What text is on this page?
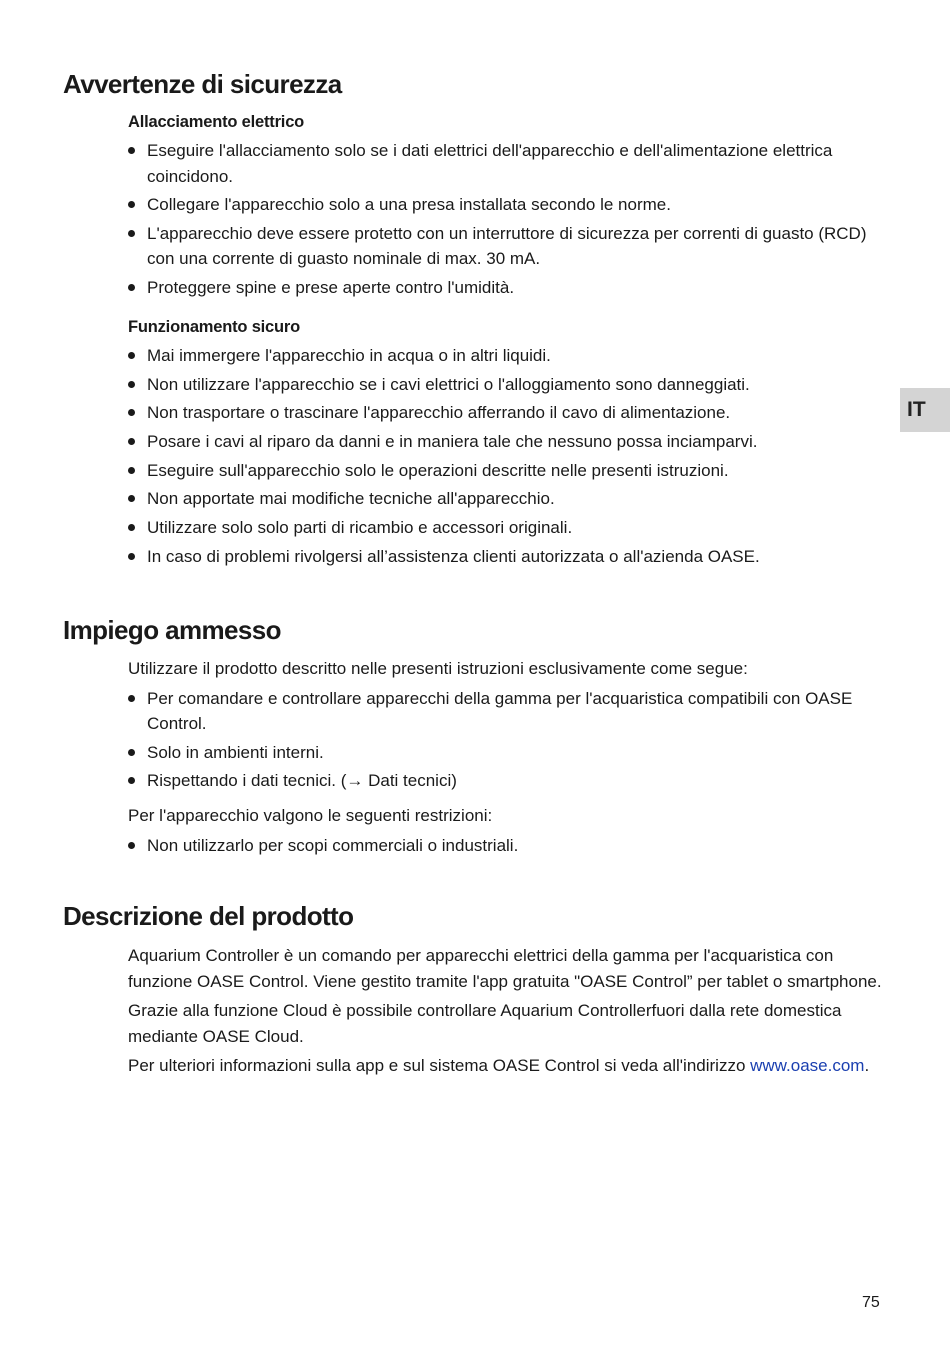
Avvertenze di sicurezza
Allacciamento elettrico
Eseguire l'allacciamento solo se i dati elettrici dell'apparecchio e dell'alimentazione elettrica coincidono.
Collegare l'apparecchio solo a una presa installata secondo le norme.
L'apparecchio deve essere protetto con un interruttore di sicurezza per correnti di guasto (RCD) con una corrente di guasto nominale di max. 30 mA.
Proteggere spine e prese aperte contro l'umidità.
Funzionamento sicuro
Mai immergere l'apparecchio in acqua o in altri liquidi.
Non utilizzare l'apparecchio se i cavi elettrici o l'alloggiamento sono danneggiati.
Non trasportare o trascinare l'apparecchio afferrando il cavo di alimentazione.
Posare i cavi al riparo da danni e in maniera tale che nessuno possa inciamparvi.
Eseguire sull'apparecchio solo le operazioni descritte nelle presenti istruzioni.
Non apportate mai modifiche tecniche all'apparecchio.
Utilizzare solo solo parti di ricambio e accessori originali.
In caso di problemi rivolgersi all’assistenza clienti autorizzata o all'azienda OASE.
Impiego ammesso

Utilizzare il prodotto descritto nelle presenti istruzioni esclusivamente come segue:

Per comandare e controllare apparecchi della gamma per l'acquaristica compatibili con OASE Control.
Solo in ambienti interni.
Rispettando i dati tecnici. (→ Dati tecnici)

Per l'apparecchio valgono le seguenti restrizioni:

Non utilizzarlo per scopi commerciali o industriali.
Descrizione del prodotto

Aquarium Controller è un comando per apparecchi elettrici della gamma per l'acquaristica con funzione OASE Control. Viene gestito tramite l'app gratuita "OASE Control” per tablet o smartphone.

Grazie alla funzione Cloud è possibile controllare Aquarium Controllerfuori dalla rete domestica mediante OASE Cloud.

Per ulteriori informazioni sulla app e sul sistema OASE Control si veda all'indirizzo www.oase.com.

IT
75
